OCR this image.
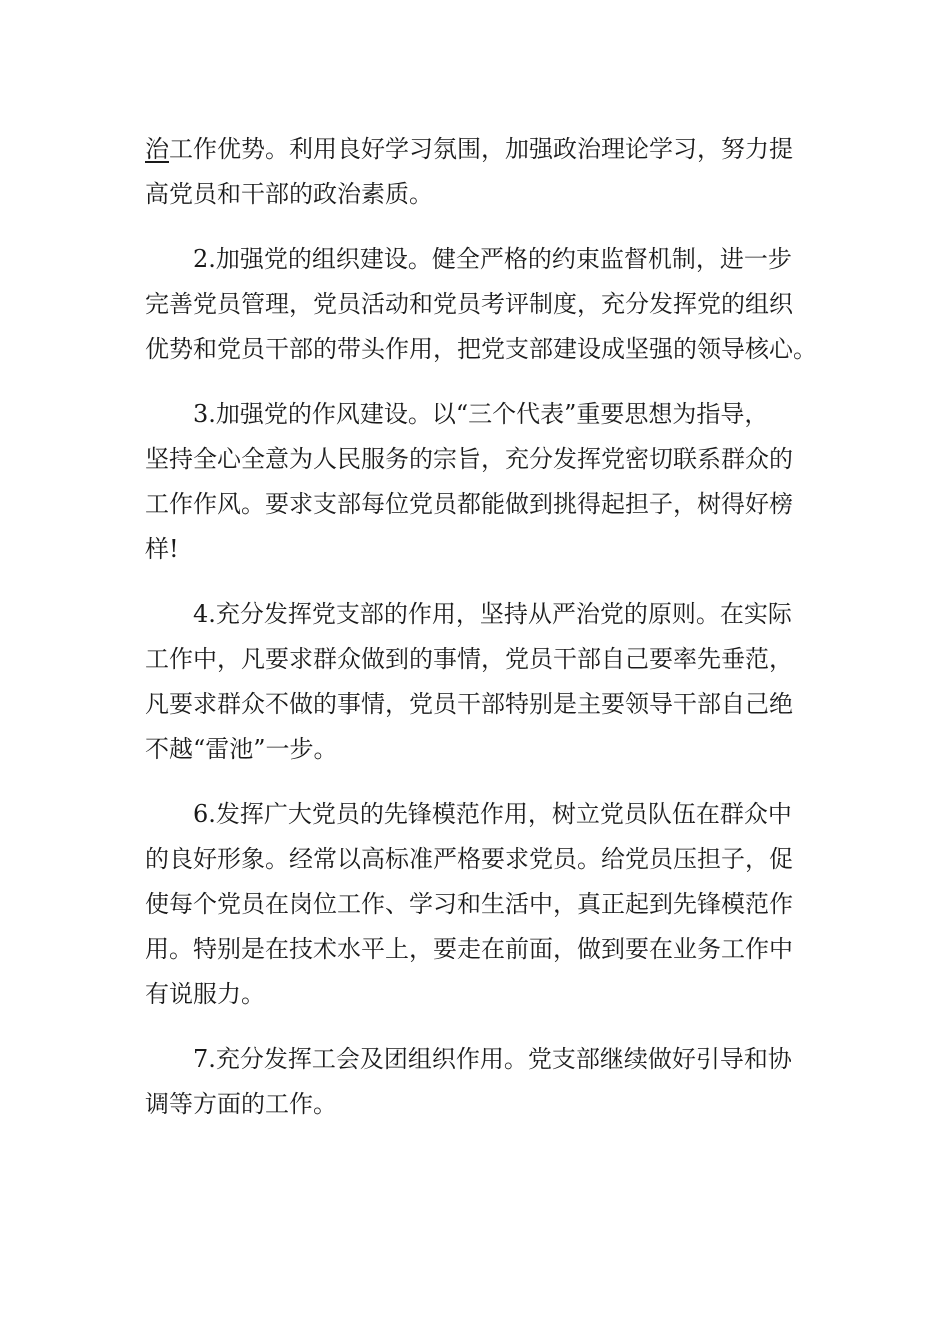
治工作优势。利用良好学习氛围，加强政治理论学习，努力提
高党员和干部的政治素质。

2.加强党的组织建设。健全严格的约束监督机制，进一步
完善党员管理，党员活动和党员考评制度，充分发挥党的组织
优势和党员干部的带头作用，把党支部建设成坚强的领导核心。

3.加强党的作风建设。以“三个代表”重要思想为指导，
坚持全心全意为人民服务的宗旨，充分发挥党密切联系群众的
工作作风。要求支部每位党员都能做到挑得起担子，树得好榜
样!

4.充分发挥党支部的作用，坚持从严治党的原则。在实际
工作中，凡要求群众做到的事情，党员干部自己要率先垂范，
凡要求群众不做的事情，党员干部特别是主要领导干部自己绝
不越“雷池”一步。

6.发挥广大党员的先锋模范作用，树立党员队伍在群众中
的良好形象。经常以高标准严格要求党员。给党员压担子，促
使每个党员在岗位工作、学习和生活中，真正起到先锋模范作
用。特别是在技术水平上，要走在前面，做到要在业务工作中
有说服力。

7.充分发挥工会及团组织作用。党支部继续做好引导和协
调等方面的工作。
